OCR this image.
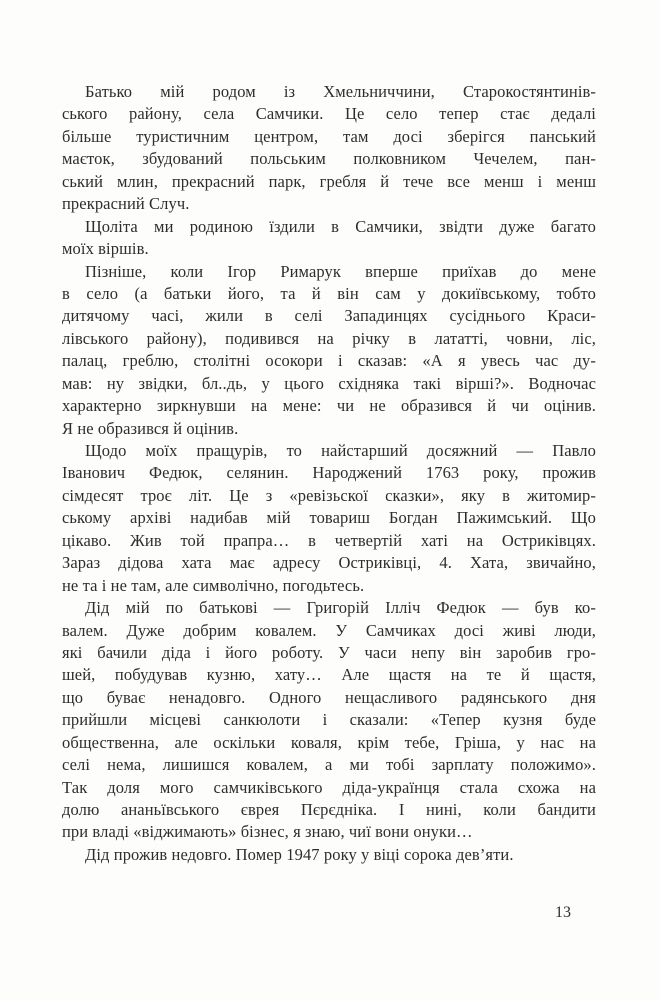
Батько мій родом із Хмельниччини, Старокостянтинів-
ського району, села Самчики. Це село тепер стає дедалі
більше туристичним центром, там досі зберігся панський
маєток, збудований польським полковником Чечелем, пан-
ський млин, прекрасний парк, гребля й тече все менш і менш
прекрасний Случ.
Щоліта ми родиною їздили в Самчики, звідти дуже багато
моїх віршів.
Пізніше, коли Ігор Римарук вперше приїхав до мене
в село (а батьки його, та й він сам у докиївському, тобто
дитячому часі, жили в селі Западинцях сусіднього Краси-
лівського району), подивився на річку в лататті, човни, ліс,
палац, греблю, столітні осокори і сказав: «А я увесь час ду-
мав: ну звідки, бл..дь, у цього східняка такі вірші?». Водночас
характерно зиркнувши на мене: чи не образився й чи оцінив.
Я не образився й оцінив.
Щодо моїх пращурів, то найстарший досяжний — Павло
Іванович Федюк, селянин. Народжений 1763 року, прожив
сімдесят троє літ. Це з «ревізьскої сказки», яку в житомир-
ському архіві надибав мій товариш Богдан Пажимський. Що
цікаво. Жив той прапра… в четвертій хаті на Остриківцях.
Зараз дідова хата має адресу Остриківці, 4. Хата, звичайно,
не та і не там, але символічно, погодьтесь.
Дід мій по батькові — Григорій Ілліч Федюк — був ко-
валем. Дуже добрим ковалем. У Самчиках досі живі люди,
які бачили діда і його роботу. У часи непу він заробив гро-
шей, побудував кузню, хату… Але щастя на те й щастя,
що буває ненадовго. Одного нещасливого радянського дня
прийшли місцеві санкюлоти і сказали: «Тепер кузня буде
общественна, але оскільки коваля, крім тебе, Гріша, у нас на
селі нема, лишишся ковалем, а ми тобі зарплату положимо».
Так доля мого самчиківського діда-українця стала схожа на
долю ананьївського єврея Пєрєдніка. І нині, коли бандити
при владі «віджимають» бізнес, я знаю, чиї вони онуки…
Дід прожив недовго. Помер 1947 року у віці сорока дев’яти.
13
